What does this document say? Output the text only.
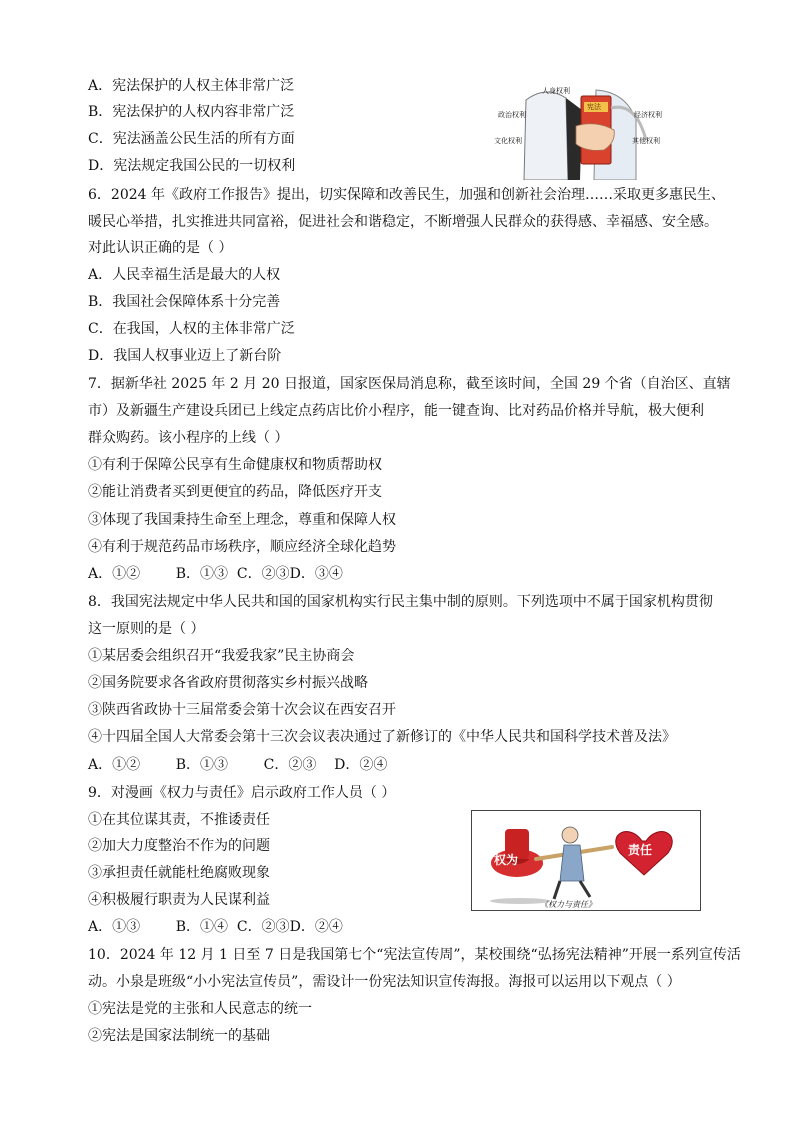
A．宪法保护的人权主体非常广泛
B．宪法保护的人权内容非常广泛
C．宪法涵盖公民生活的所有方面
D．宪法规定我国公民的一切权利
人身权利
政治权利	经济权利
文化权利	其他权利
宪法
6．2024 年《政府工作报告》提出，切实保障和改善民生，加强和创新社会治理……采取更多惠民生、
暖民心举措，扎实推进共同富裕，促进社会和谐稳定，不断增强人民群众的获得感、幸福感、安全感。
对此认识正确的是（ ）
A．人民幸福生活是最大的人权
B．我国社会保障体系十分完善
C．在我国，人权的主体非常广泛
D．我国人权事业迈上了新台阶
7．据新华社 2025 年 2 月 20 日报道，国家医保局消息称，截至该时间，全国 29 个省（自治区、直辖
市）及新疆生产建设兵团已上线定点药店比价小程序，能一键查询、比对药品价格并导航，极大便利
群众购药。该小程序的上线（ ）
①有利于保障公民享有生命健康权和物质帮助权
②能让消费者买到更便宜的药品，降低医疗开支
③体现了我国秉持生命至上理念，尊重和保障人权
④有利于规范药品市场秩序，顺应经济全球化趋势
A．①②        B．①③  C．②③D．③④
8．我国宪法规定中华人民共和国的国家机构实行民主集中制的原则。下列选项中不属于国家机构贯彻
这一原则的是（ ）
①某居委会组织召开“我爱我家”民主协商会
②国务院要求各省政府贯彻落实乡村振兴战略
③陕西省政协十三届常委会第十次会议在西安召开
④十四届全国人大常委会第十三次会议表决通过了新修订的《中华人民共和国科学技术普及法》
A．①②        B．①③        C．②③    D．②④
9．对漫画《权力与责任》启示政府工作人员（ ）
①在其位谋其责，不推诿责任
②加大力度整治不作为的问题
③承担责任就能杜绝腐败现象
④积极履行职责为人民谋利益
A．①③        B．①④  C．②③D．②④
权为
责任
《权力与责任》
10．2024 年 12 月 1 日至 7 日是我国第七个“宪法宣传周”，某校围绕“弘扬宪法精神”开展一系列宣传活
动。小泉是班级“小小宪法宣传员”，需设计一份宪法知识宣传海报。海报可以运用以下观点（ ）
①宪法是党的主张和人民意志的统一
②宪法是国家法制统一的基础
